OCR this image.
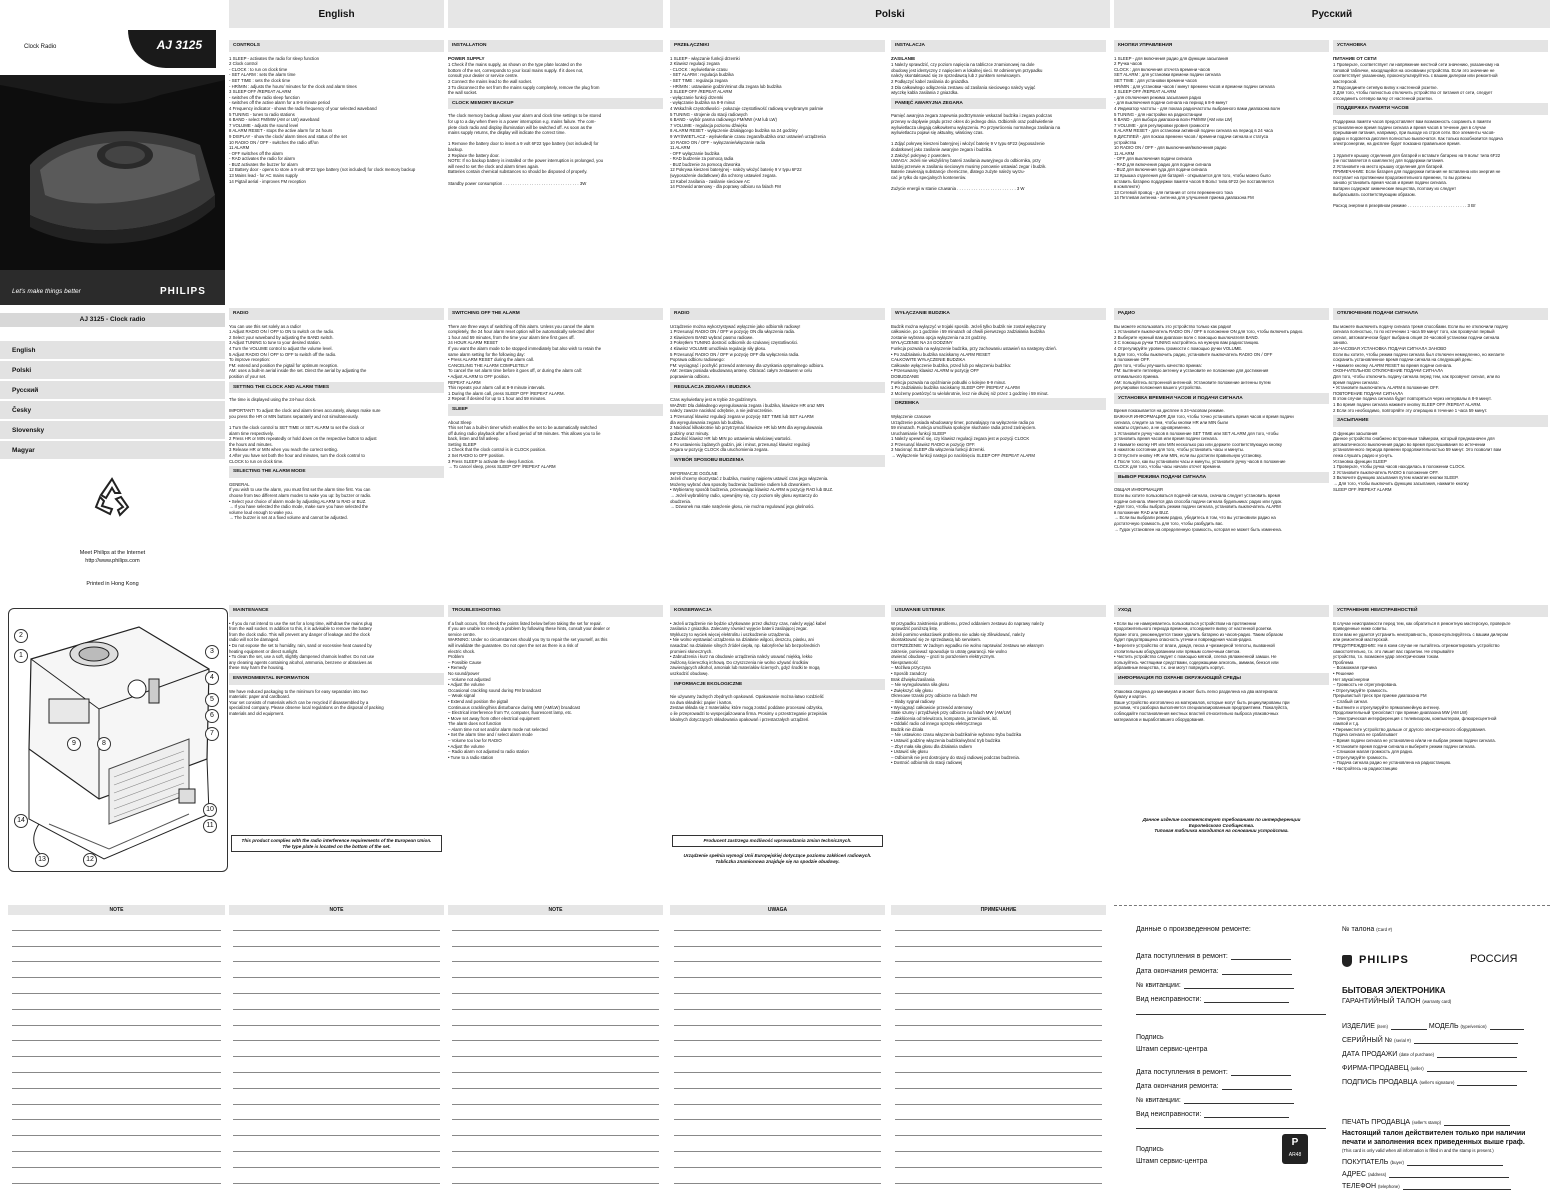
English	Polski	Русский
Clock Radio	AJ 3125
Let's make things better	PHILIPS
AJ 3125 - Clock radio
English
Polski
Русский
Česky
Slovensky
Magyar
Meet Philips at the Internet
http://www.philips.com
Printed in Hong Kong
2
1
3
4
5
6
7
9	8
10
11
14
13	12
CONTROLS
1 SLEEP - activates the radio for sleep function
2 Clock control
- CLOCK : to run on clock time
- SET ALARM : sets the alarm time
- SET TIME : sets the clock time
- HR/MIN : adjusts the hours/ minutes for the clock and alarm times
3 SLEEP OFF /REPEAT ALARM
- switches off the radio sleep function
- switches off the active alarm for a 8-9 minute period
4 Frequency indicator - shows the radio frequency of your selected waveband
5 TUNING - tunes to radio stations
6 BAND - select FM/MW (AM or LW) waveband
7 VOLUME - adjusts the sound level
8 ALARM RESET - stops the active alarm for 24 hours
9 DISPLAY - show the clock/ alarm times and status of the set
10 RADIO ON / OFF - switches the radio off/on
11 ALARM
- OFF switches off the alarm
- RAD activates the radio for alarm
- BUZ activates the buzzer for alarm
12 Battery door - opens to store a 9 volt 6F22 type battery (not included) for clock memory backup
13 Mains lead - for AC mains supply
14 Pigtail aerial - improves FM reception
INSTALLATION
POWER SUPPLY
1 Check if the mains supply, as shown on the type plate located on the
bottom of the set, corresponds to your local mains supply. If it does not,
consult your dealer or service centre.
2 Connect the mains lead to the wall socket.
3 To disconnect the set from the mains supply completely, remove the plug from
the wall socket.
CLOCK MEMORY BACKUP
The clock memory backup allows your alarm and clock time settings to be stored
for up to a day when there is a power interruption e.g. mains failure. The com-
plete clock radio and display illumination will be switched off. As soon as the
mains supply returns, the display will indicate the correct time.

1 Remove the battery door to insert a 9 volt 6F22 type battery (not included) for
backup.
2 Replace the battery door.
NOTE: If no backup battery is installed or the power interruption is prolonged, you
will need to set the clock and alarm times again.
Batteries contain chemical substances so should be disposed of properly.
Standby power consumption . . . . . . . . . . . . . . . . . . . . . . . . . . . . . . . . 3W
PRZEŁĄCZNIKI
1 SLEEP - włączanie funkcji drzemki
2 Klawisz regulacji zegara
- CLOCK : wyświetlanie czasu
- SET ALARM : regulacja budzika
- SET TIME : regulacja zegara
- HR/MIN : ustawianie godzin/minut dla zegara lub budzika
3 SLEEP OFF /REPEAT ALARM
- wyłączanie funkcji drzemki
- wyłączanie budzika na 8-9 minut
4 Wskaźnik częstotliwości - pokazuje częstotliwość radiową w wybranym paśmie
5 TUNING - strojenie do stacji radiowych
6 BAND - wybór pasma radiowego FM/MW (AM lub LW)
7 VOLUME - regulacja poziomu dźwięku
8 ALARM RESET - wyłączenie działającego budzika na 24 godziny
9 WYŚWIETLACZ - wyświetlanie czasu zegara/budzika oraz ustawień urządzenia
10 RADIO ON / OFF - wyłączanie/włączanie radia
11 ALARM
- OFF wyłączanie budzika
- RAD budzenie za pomocą radia
- BUZ budzenie za pomocą dzwonka
12 Pokrywa kieszeni bateryjnej - należy włożyć baterię 9 V typu 6F22
(wyposażenie dodatkowe) dla ochrony ustawień zegara.
13 Kabel zasilania - zasilanie sieciowe AC
14 Przewód antenowy - dla poprawy odbioru na falach FM
INSTALACJA
ZASILANIE
1 Należy sprawdzić, czy poziom napięcia na tabliczce znamionowej na dole
obudowy jest identyczny z napięciem w lokalnej sieci. W odmiennym przypadku
należy skontaktować się ze sprzedawcą lub z punktem serwisowym.
2 Podłączyć kabel zasilania do gniazdka.
3 Dla całkowitego odłączenia zestawu od zasilania sieciowego należy wyjąć
wtyczkę kabla zasilania z gniazdka.
PAMIĘĆ AWARYJNA ZEGARA
Pamięć awaryjna zegara zapewnia podtrzymanie wskazań budzika i zegara podczas
przerwy w dopływie prądu przez okres do jednego dnia. Odbiornik oraz podświetlenie
wyświetlacza ulegają całkowitemu wyłączeniu. Po przywróceniu normalnego zasilania na
wyświetlaczu pojawi się aktualny, właściwy czas.

1 Zdjąć pokrywę kieszeni bateryjnej i włożyć baterię 9 V typu 6F22 (wyposażenie
dodatkowe) jako zasilanie awaryjne zegara i budzika.
2 Założyć pokrywę z powrotem.
UWAGA: Jeżeli nie włożyliśmy baterii zasilania awaryjnego do odbiornika, przy
każdej przerwie w zasilaniu sieciowym musimy ponownie ustawiać zegar i budzik.
Baterie zawierają substancje chemiczne, dlatego zużyte należy wyrzu-
cać je tylko do specjalnych kontenerów.
Zużycie energii w stanie czuwania . . . . . . . . . . . . . . . . . . . . . . . . . 3 W
КНОПКИ УПРАВЛЕНИЯ
1 SLEEP - для включения радио для функции засыпания
2 Ручка часов
CLOCK : для включения отсчета времени часов
SET ALARM : для установки времени подачи сигнала
SET TIME : для установки времени часов
HR/MIN : для установки часов / минут времени часов и времени подачи сигнала
3 SLEEP OFF /REPEAT ALARM
- для отключения режима засыпания радио
- для выключения подачи сигнала на период в 8-9 минут
4 Индикатор частоты - для показа радиочастоты выбранного вами диапазона волн
5 TUNING - для настройки на радиостанции
6 BAND - для выбора диапазона волн FM/MW (AM или LW)
7 VOLUME - для регулировки уровня громкости
8 ALARM RESET - для остановки активной подачи сигнала на период в 24 часа
9 ДИСПЛЕЙ - для показа времени часов / времени подачи сигнала и статуса
устройства
10 RADIO ON / OFF - для выключения/включения радио
11 ALARM
- OFF для выключения подачи сигнала
- RAD для включения радио для подачи сигнала
- BUZ для включения гуда для подачи сигнала
12 Крышка отделения для батарей - открывается для того, чтобы можно было
вставить батарею поддержки памяти часов 9 Вольт типа 6F22 (не поставляется
в комплекте)
13 Сетевой провод - для питания от сети переменного тока
14 Петлевая антенна - антенна для улучшения приема диапазона FM
УСТАНОВКА
ПИТАНИЕ ОТ СЕТИ
1 Проверьте, соответствует ли напряжение местной сети значению, указанному на
типовой табличке, находящейся на основании устройства. Если это значение не
соответствует указанному, проконсультируйтесь с вашим дилером или ремонтной
мастерской.
2 Подсоедините сетевую вилку к настенной розетке.
3 Для того, чтобы полностью отключить устройство от питания от сети, следует
отсоединить сетевую вилку от настенной розетки.
ПОДДЕРЖКА ПАМЯТИ ЧАСОВ
Поддержка памяти часов предоставляет вам возможность сохранить в памяти
установленное время подачи сигнала и время часов в течение дня в случае
прерывания питания, например, при выходе из строя сети. Все элементы часов-
радио и подсветка дисплея полностью выключатся. Как только возобновится подача
электроэнергии, на дисплее будет показано правильное время.

1 Удалите крышку отделения для батарей и вставьте батарею на 9 вольт типа 6F22
(не поставляется в комплекте) для поддержки питания.
2 Установите на место крышку отделения для батарей.
ПРИМЕЧАНИЕ: Если батарея для поддержки питания не вставлена или энергия не
поступает на протяжении продолжительного времени, то вы должны
заново установить время часов и время подачи сигнала.
Батареи содержат химические вещества, поэтому их следует
выбрасывать соответствующим образом.
Расход энергии в резервном режиме . . . . . . . . . . . . . . . . . . . . . . . . . 3 Вт
RADIO
You can use this set solely as a radio!
1 Adjust RADIO ON / OFF to ON to switch on the radio.
2 Select your waveband by adjusting the BAND switch.
3 Adjust TUNING to tune to your desired station.
4 Turn the VOLUME control to adjust the volume level.
5 Adjust RADIO ON / OFF to OFF to switch off the radio.
To improve reception:
FM: extend and position the pigtail for optimum reception.
AM: uses a built-in aerial inside the set. Direct the aerial by adjusting the
position of your set.
SETTING THE CLOCK AND ALARM TIMES
The time is displayed using the 24-hour clock.

IMPORTANT! To adjust the clock and alarm times accurately, always make sure
you press the HR or MIN buttons separately and not simultaneously.

1 Turn the clock control to SET TIME or SET ALARM to set the clock or
alarm time respectively.
2 Press HR or MIN repeatedly or hold down on the respective button to adjust
the hours and minutes.
3 Release HR or MIN when you reach the correct setting.
4 After you have set both the hour and minutes, turn the clock control to
CLOCK to run on clock time.
SELECTING THE ALARM MODE
GENERAL
If you wish to use the alarm, you must first set the alarm time first. You can
choose from two different alarm modes to wake you up: by buzzer or radio.
• Select your choice of alarm mode by adjusting ALARM to RAD or BUZ.
→ If you have selected the radio mode, make sure you have selected the
volume loud enough to wake you.
→ The buzzer is set at a fixed volume and cannot be adjusted.
SWITCHING OFF THE ALARM
There are three ways of switching off this alarm. Unless you cancel the alarm
completely, the 24 hour alarm reset option will be automatically selected after
1 hour and 59 minutes, from the time your alarm time first goes off.
24 HOUR ALARM RESET
If you want the alarm mode to be stopped immediately but also wish to retain the
same alarm setting for the following day:
• Press ALARM RESET during the alarm call.
CANCELING THE ALARM COMPLETELY
To cancel the set alarm time before it goes off, or during the alarm call:
• Adjust ALARM to OFF position.
REPEAT ALARM
This repeats your alarm call at 8-9 minute intervals.
1 During the alarm call, press SLEEP OFF /REPEAT ALARM.
2 Repeat if desired for up to 1 hour and 59 minutes.
SLEEP
About Sleep
This set has a built-in timer which enables the set to be automatically switched
off during radio playback after a fixed period of 59 minutes. This allows you to lie
back, listen and fall asleep.
Setting SLEEP
1 Check that the clock control is in CLOCK position.
2 Set RADIO to OFF position.
3 Press SLEEP to activate the sleep function.
→ To cancel sleep, press SLEEP OFF /REPEAT ALARM
RADIO
Urządzenie można wykorzystywać wyłącznie jako odbiornik radiowy!
1 Przesunąć RADIO ON / OFF w pozycję ON dla włączenia radia.
2 Klawiszem BAND wybrać pasmo radiowe.
3 Pokrętłem TUNING dostroić odbiornik do szukanej częstotliwości.
4 Klawisz VOLUME umożliwia regulację siły głosu.
5 Przesunąć RADIO ON / OFF w pozycję OFF dla wyłączenia radia.
Poprawa odbioru radiowego:
FM: wyciągnąć i pochylić przewód antenowy dla uzyskania optymalnego odbioru.
AM: zestaw posiada wbudowaną antenę. Obracać całym zestawem w celu
poprawienia odbioru.
REGULACJA ZEGARA I BUDZIKA
Czas wyświetlany jest w trybie 24-godzinnym.
WAŻNE! Dla dokładnego wyregulowania zegara i budzika, klawisze HR oraz MIN
należy zawsze naciskać odrębnie, a nie jednocześnie.
1 Przesunąć klawisz regulacji zegara w pozycję SET TIME lub SET ALARM
dla wyregulowania zegara lub budzika.
2 Naciskać kilkakrotnie lub przytrzymać klawisze HR lub MIN dla wyregulowania
godziny oraz minuty.
3 Zwolnić klawisz HR lub MIN po ustawieniu właściwej wartości.
4 Po ustawieniu żądanych godzin, jak i minut, przesunąć klawisz regulacji
zegara w pozycję CLOCK dla uruchomienia zegara.
WYBÓR SPOSOBU BUDZENIA
INFORMACJE OGÓLNE
Jeżeli chcemy skorzystać z budzika, musimy najpierw ustawić czas jego włączenia.
Możemy wybrać dwa sposoby budzenia: budzenie radiem lub dzwonkiem.
• Wybieramy sposób budzenia, przesuwając klawisz ALARM w pozycję RAD lub BUZ.
→ Jeżeli wybraliśmy radio, upewnijmy się, czy poziom siły głosu wystarczy do
obudzenia.
→ Dzwonek ma stałe natężenie głosu, nie można regulować jego głośności.
WYŁĄCZANIE BUDZIKA
Budzik można wyłączyć w trojaki sposób. Jeżeli tylko budzik nie został wyłączony
całkowicie, po 1 godzinie i 59 minutach od chwili pierwszego zadziałania budzika
zostanie wybrana opcja wyłączenia na 24 godziny.
WYŁĄCZENIE NA 24 GODZINY
Funkcja pozwala na wyłączenie budzika, przy zachowaniu ustawień na następny dzień.
• Po zadziałaniu budzika naciskamy ALARM RESET
CAŁKOWITE WYŁĄCZENIE BUDZIKA
Całkowite wyłączenie budzika, przed lub po włączeniu budzika:
• Przesuwamy klawisz ALARM w pozycję OFF
DOBUDZANIE
Funkcja pozwala na opóźnianie pobudki o kolejne 8-9 minut.
1 Po zadziałaniu budzika naciskamy SLEEP OFF /REPEAT ALARM
2 Możemy powtórzyć to wielokrotnie, lecz nie dłużej niż przez 1 godzinę i 59 minut.
DRZEMKA
Wyłączenie czasowe
Urządzenie posiada wbudowany timer, pozwalający na wyłączenie radia po
59 minutach. Funkcja umożliwia spokojne słuchanie radia przed zaśnięciem.
Uruchamianie funkcji SLEEP
1 Należy upewnić się, czy klawisz regulacji zegara jest w pozycji CLOCK
2 Przesunąć klawisz RADIO w pozycję OFF.
3 Nacisnąć SLEEP dla włączenia funkcji drzemki.
→ Wyłączenie funkcji następi po naciśnięciu SLEEP OFF /REPEAT ALARM
РАДИО
Вы можете использовать это устройство только как радио!
1 Установите выключатель RADIO ON / OFF в положение ON для того, чтобы включить радио.
2 Выберите нужный вам диапазон волн с помощью выключателя BAND.
3 С помощью ручки TUNING настройтесь на нужную вам радиостанцию.
4 Отрегулируйте уровень громкости с помощью ручки VOLUME.
5 Для того, чтобы выключить радио, установите выключатель RADIO ON / OFF
в положение OFF.
Для того, чтобы улучшить качество приема:
FM: вытяните петлевую антенну и установите ее положение для достижения
оптимального приема.
AM: пользуйтесь встроенной антенной. Установите положение антенны путем
регулировки положения вашего устройства.
УСТАНОВКА ВРЕМЕНИ ЧАСОВ И ПОДАЧИ СИГНАЛА
Время показывается на дисплее в 24-часовом режиме.
ВАЖНАЯ ИНФОРМАЦИЯ! Для того, чтобы точно установить время часов и время подачи
сигнала, следите за тем, чтобы кнопки HR или MIN были
нажаты отдельно, а не одновременно.
1 Установите ручку часов в положение SET TIME или SET ALARM для того, чтобы
установить время часов или время подачи сигнала.
2 Нажмите кнопку HR или MIN несколько раз или держите соответствующую кнопку
в нажатом состоянии для того, чтобы установить часы и минуты.
3 Отпустите кнопку HR или MIN, если вы достигли правильную установку.
4 После того, как вы установили часы и минуты, установите ручку часов в положение
CLOCK для того, чтобы часы начали отсчет времени.
ВЫБОР РЕЖИМА ПОДАЧИ СИГНАЛА
ОБЩАЯ ИНФОРМАЦИЯ
Если вы хотите пользоваться подачей сигнала, сначала следует установить время
подачи сигнала. Имеется два способа подачи сигнала будильника: радио или гудок.
• Для того, чтобы выбрать режим подачи сигнала, установить выключатель ALARM
в положение RAD или BUZ.
→ Если вы выбрали режим радио, убедитесь в том, что вы установили радио на
достаточную громкость для того, чтобы разбудить вас.
→ Гудок установлен на определенную громкость, которая не может быть изменена.
ОТКЛЮЧЕНИЕ ПОДАЧИ СИГНАЛА
Вы можете выключить подачу сигнала тремя способами. Если вы не отключили подачу
сигнала полностью, то по истечении 1 часа 59 минут того, как прозвучал первый
сигнал, автоматически будет выбрана опция 24-часовой установки подачи сигнала
заново.
24-ЧАСОВАЯ УСТАНОВКА ПОДАЧИ СИГНАЛА ЗАНОВО
Если вы хотите, чтобы режим подачи сигнала был отключен немедленно, но желаете
сохранить установленное время подачи сигнала на следующий день:
• Нажмите кнопку ALARM RESET во время подачи сигнала.
ОКОНЧАТЕЛЬНОЕ ОТКЛЮЧЕНИЕ ПОДАЧИ СИГНАЛА
Для того, чтобы отключить подачу сигнала перед тем, как прозвучит сигнал, или во
время подачи сигнала:
• Установите выключатель ALARM в положение OFF.
ПОВТОРЕНИЕ ПОДАЧИ СИГНАЛА
В этом случае подача сигнала будет повторяться через интервалы в 8-9 минут.
1 Во время подачи сигнала нажмите кнопку SLEEP OFF /REPEAT ALARM.
2 Если это необходимо, повторяйте эту операцию в течение 1 часа 59 минут.
ЗАСЫПАНИЕ
О функции засыпания
Данное устройство снабжено встроенным таймером, который предназначен для
автоматического выключения радио во время прослушивания по истечении
установленного периода времени продолжительностью 59 минут. Это позволит вам
лежа слушать радио и уснуть.
Установка функции SLEEP
1 Проверьте, чтобы ручка часов находилась в положении CLOCK.
2 Установите выключатель RADIO в положение OFF.
3 Включите функцию засыпания путем нажатия кнопки SLEEP.
→ Для того, чтобы выключить функцию засыпания, нажмите кнопку
SLEEP OFF /REPEAT ALARM
MAINTENANCE
• If you do not intend to use the set for a long time, withdraw the mains plug
from the wall socket. In addition to this, it is advisable to remove the battery
from the clock radio. This will prevent any danger of leakage and the clock
radio will not be damaged.
• Do not expose the set to humidity, rain, sand or excessive heat caused by
heating equipment or direct sunlight.
• To clean the set, use a soft, slightly dampened chamois leather. Do not use
any cleaning agents containing alcohol, ammonia, benzene or abrasives as
these may harm the housing.
ENVIRONMENTAL INFORMATION
We have reduced packaging to the minimum for easy separation into two
materials: paper and cardboard.
Your set consists of materials which can be recycled if disassembled by a
specialized company. Please observe local regulations on the disposal of packing
materials and old equipment.
This product complies with the radio interference requirements of the European Union.
The type plate is located on the bottom of the set.
TROUBLESHOOTING
If a fault occurs, first check the points listed below before taking the set for repair.
If you are unable to remedy a problem by following these hints, consult your dealer or
service centre.
WARNING: Under no circumstances should you try to repair the set yourself, as this
will invalidate the guarantee. Do not open the set as there is a risk of
electric shock.
Problem
– Possible Cause
• Remedy
No sound/power
– Volume not adjusted
• Adjust the volume
Occasional crackling sound during FM broadcast
– Weak signal
• Extend and position the pigtail
Continuous crackling/hiss disturbance during MW (AM/LW) broadcast
– Electrical interference from TV, computer, fluorescent lamp, etc.
• Move set away from other electrical equipment
The alarm does not function
– Alarm time not set and/or alarm mode not selected
• Set the alarm time and / select alarm mode
– Volume too low for RADIO
• Adjust the volume
– Radio alarm not adjusted to radio station
• Tune to a radio station
KONSERWACJA
• Jeżeli urządzenie nie będzie użytkowane przez dłuższy czas, należy wyjąć kabel
zasilania z gniazdka. Zalecamy również wyjęcie baterii zasilającej zegar.
Wykluczy to wyciek więcej elektrolitu i uszkodzenie urządzenia.
• Nie wolno wystawiać urządzenia na działanie wilgoci, deszczu, piasku, ani
nasadzać na działanie silnych źródeł ciepła, np. kaloryferów lub bezpośrednich
promieni słonecznych.
• Zabrudzenia i kurz na obudowie urządzenia należy usuwać miękką, lekko
zwilżoną ściereczką irchową. Do czyszczenia nie wolno używać środków
zawierających alkohol, amoniak lub materiałów ściernych, gdyż środki te mogą
uszkodzić obudowę.
INFORMACJE EKOLOGICZNE
Nie używamy żadnych zbędnych opakowań. Opakowanie można łatwo rozdzielić
na dwa składniki: papier i karton.
Zestaw składa się z materiałów, które mogą zostać poddane procesowi odzysku,
o ile przeprowadzi to wyspecjalizowana firma. Prosimy o przestrzeganie przepisów
lokalnych dotyczących składowania opakowań i przestarzałych urządzeń.
Producent zastrzega możliwość wprowadzania zmian technicznych.
Urządzenie spełnia wymogi Unii Europejskiej dotyczące poziomu zakłóceń radiowych.
Tabliczka znamionowa znajduje się na spodzie obudowy.
USUWANIE USTEREK
W przypadku zaistnienia problemu, przed oddaniem zestawu do naprawy należy
sprawdzić poniższą listę.
Jeżeli pomimo wskazówek problemu nie udało się zlikwidować, należy
skontaktować się ze sprzedawcą lub serwisem.
OSTRZEŻENIE: W żadnym wypadku nie wolno naprawiać zestawu we własnym
zakresie, ponieważ spowoduje to utratę gwarancji. Nie wolno
otwierać obudowy – grozi to porażeniem elektrycznym.
Niesprawność
– Możliwa przyczyna
• Sposób zaradczy
Brak dźwięku/zasilania
– Nie wyregulowana siła głosu
• Zwiększyć siłę głosu
Okresowe trzaski przy odbiorze na falach FM
– Słaby sygnał radiowy
• Wyciągnąć całkowicie przewód antenowy
Stałe szumy i przydźwięk przy odbiorze na falach MW (AM/LW)
– Zakłócenia od telewizora, komputera, jarzeniówek, itd.
• Oddalić radio od innego sprzętu elektrycznego
Budzik nie działa
– Nie ustawiono czasu włączenia budzika/nie wybrano trybu budzika
• Ustawić godzinę włączenia budzika/wybrać tryb budzika
– Zbyt mała siła głosu dla działania radiem
• Ustawić siłę głosu
– Odbiornik nie jest dostrojony do stacji radiowej podczas budzenia.
• Dostroić odbiornik do stacji radiowej
УХОД
• Если вы не намереваетесь пользоваться устройством на протяжении
продолжительного периода времени, отсоедините вилку от настенной розетки.
Кроме этого, рекомендуется также удалить батарею из часов-радио. Таким образом
будет предотвращена опасность утечки и повреждения часов-радио.
• Берегите устройство от влаги, дождя, песка и чрезмерной теплоты, вызванной
отопительным оборудованием или прямым солнечным светом.
• Чистить устройство следует с помощью мягкой, слегка увлажненной замши. Не
пользуйтесь чистящими средствами, содержащими алкоголь, аммиак, бензол или
абразивные вещества, т.к. они могут повредить корпус.
ИНФОРМАЦИЯ ПО ОХРАНЕ ОКРУЖАЮЩЕЙ СРЕДЫ
Упаковка сведена до минимума и может быть легко разделена на два материала:
бумагу и картон.
Ваше устройство изготовлено из материалов, которые могут быть рецикулированы при
условии, что разборка выполняется специализированным предприятием. Пожалуйста,
соблюдайте постановления местных властей относительно выброса упаковочных
материалов и выработавшего оборудования.
Данное изделие соответствует требованиям по интерференции Европейского Сообщества.
Типовая табличка находится на основании устройства.
УСТРАНЕНИЕ НЕИСПРАВНОСТЕЙ
В случае неисправности перед тем, как обратиться в ремонтную мастерскую, проверьте
приведенные ниже советы.
Если вам не удается устранить неисправность, проконсультируйтесь с вашим дилером
или ремонтной мастерской.
ПРЕДУПРЕЖДЕНИЕ: Ни в коем случае не пытайтесь отремонтировать устройство
самостоятельно, т.к. это лишит вас гарантии. Не открывайте
устройство, т.к. возможен удар электрическим током.
Проблема
– Возможная причина
• Решение
Нет звука/энергии
– Громкость не отрегулирована.
• Отрегулируйте громкость.
Прерывистый треск при приеме диапазона FM
– Слабый сигнал.
• Вытяните и отрегулируйте прямолинейную антенну.
Продолжительный треск/свист при приеме диапазона MW (AM LW)
– Электрическая интерференция с телевизором, компьютером, флюоресцентной
лампой и т.д.
• Переместите устройство дальше от другого электрического оборудования.
Подача сигнала не срабатывает
– Время подачи сигнала не установлено и/или не выбран режим подачи сигнала.
• Установите время подачи сигнала и выберите режим подачи сигнала.
– Слишком малая громкость для радио.
• Отрегулируйте громкость.
– Подача сигнала радио не установлена на радиостанцию.
• Настройтесь на радиостанцию
NOTE	NOTE	NOTE	UWAGA	ПРИМЕЧАНИЕ
Данные о произведенном ремонте:
Дата поступления в ремонт:
Дата окончания ремонта:
№ квитанции:
Вид неисправности:
Подпись
Штамп сервис-центра
Дата поступления в ремонт:
Дата окончания ремонта:
№ квитанции:
Вид неисправности:
Подпись
Штамп сервис-центра
P
AR48
№ талона (Card #)
PHILIPS	РОССИЯ
БЫТОВАЯ ЭЛЕКТРОНИКА
ГАРАНТИЙНЫЙ ТАЛОН (warranty card)
ИЗДЕЛИЕ (item)	МОДЕЛЬ (type/version)
СЕРИЙНЫЙ № (serial #)
ДАТА ПРОДАЖИ (date of purchase)
ФИРМА-ПРОДАВЕЦ (seller)
ПОДПИСЬ ПРОДАВЦА (seller's signature)
ПЕЧАТЬ ПРОДАВЦА (seller's stamp)
Настоящий талон действителен только при наличии печати и заполнения всех приведенных выше граф.
(This card is only valid when all information is filled in and the stamp is present.)
ПОКУПАТЕЛЬ (buyer)
АДРЕС (address)
ТЕЛЕФОН (telephone)
